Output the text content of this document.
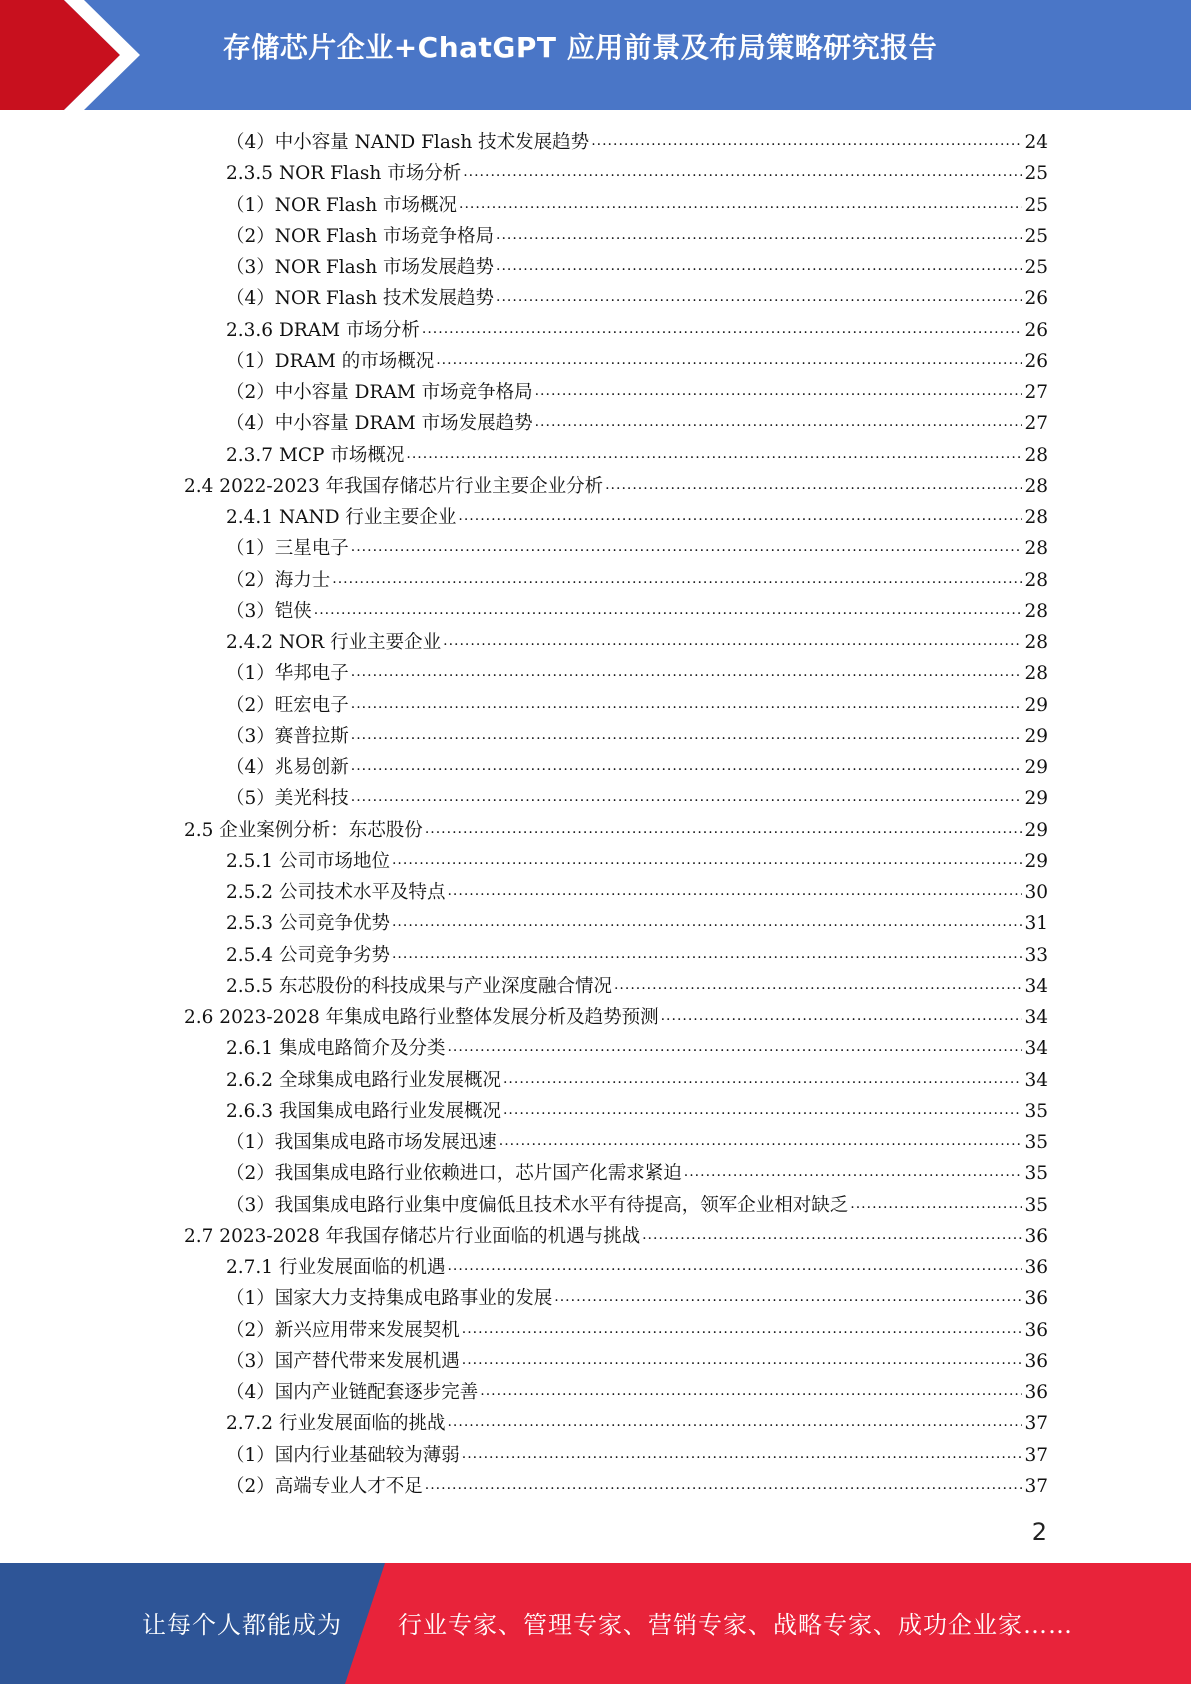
存储芯片企业+ChatGPT 应用前景及布局策略研究报告
（4）中小容量 NAND Flash 技术发展趋势 .....	24
2.3.5 NOR Flash 市场分析 .....	25
（1）NOR Flash 市场概况 .....	25
（2）NOR Flash 市场竞争格局 .....	25
（3）NOR Flash 市场发展趋势 .....	25
（4）NOR Flash 技术发展趋势 .....	26
2.3.6 DRAM 市场分析 .....	26
（1）DRAM 的市场概况 .....	26
（2）中小容量 DRAM 市场竞争格局 .....	27
（4）中小容量 DRAM 市场发展趋势 .....	27
2.3.7 MCP 市场概况 .....	28
2.4 2022-2023 年我国存储芯片行业主要企业分析 .....	28
2.4.1 NAND 行业主要企业 .....	28
（1）三星电子 .....	28
（2）海力士 .....	28
（3）铠侠 .....	28
2.4.2 NOR 行业主要企业 .....	28
（1）华邦电子 .....	28
（2）旺宏电子 .....	29
（3）赛普拉斯 .....	29
（4）兆易创新 .....	29
（5）美光科技 .....	29
2.5 企业案例分析：东芯股份 .....	29
2.5.1 公司市场地位 .....	29
2.5.2 公司技术水平及特点 .....	30
2.5.3 公司竞争优势 .....	31
2.5.4 公司竞争劣势 .....	33
2.5.5 东芯股份的科技成果与产业深度融合情况 .....	34
2.6 2023-2028 年集成电路行业整体发展分析及趋势预测 .....	34
2.6.1 集成电路简介及分类 .....	34
2.6.2 全球集成电路行业发展概况 .....	34
2.6.3 我国集成电路行业发展概况 .....	35
（1）我国集成电路市场发展迅速 .....	35
（2）我国集成电路行业依赖进口，芯片国产化需求紧迫 .....	35
（3）我国集成电路行业集中度偏低且技术水平有待提高，领军企业相对缺乏 .....	35
2.7 2023-2028 年我国存储芯片行业面临的机遇与挑战 .....	36
2.7.1 行业发展面临的机遇 .....	36
（1）国家大力支持集成电路事业的发展 .....	36
（2）新兴应用带来发展契机 .....	36
（3）国产替代带来发展机遇 .....	36
（4）国内产业链配套逐步完善 .....	36
2.7.2 行业发展面临的挑战 .....	37
（1）国内行业基础较为薄弱 .....	37
（2）高端专业人才不足 .....	37
2
让每个人都能成为 行业专家、管理专家、营销专家、战略专家、成功企业家……
